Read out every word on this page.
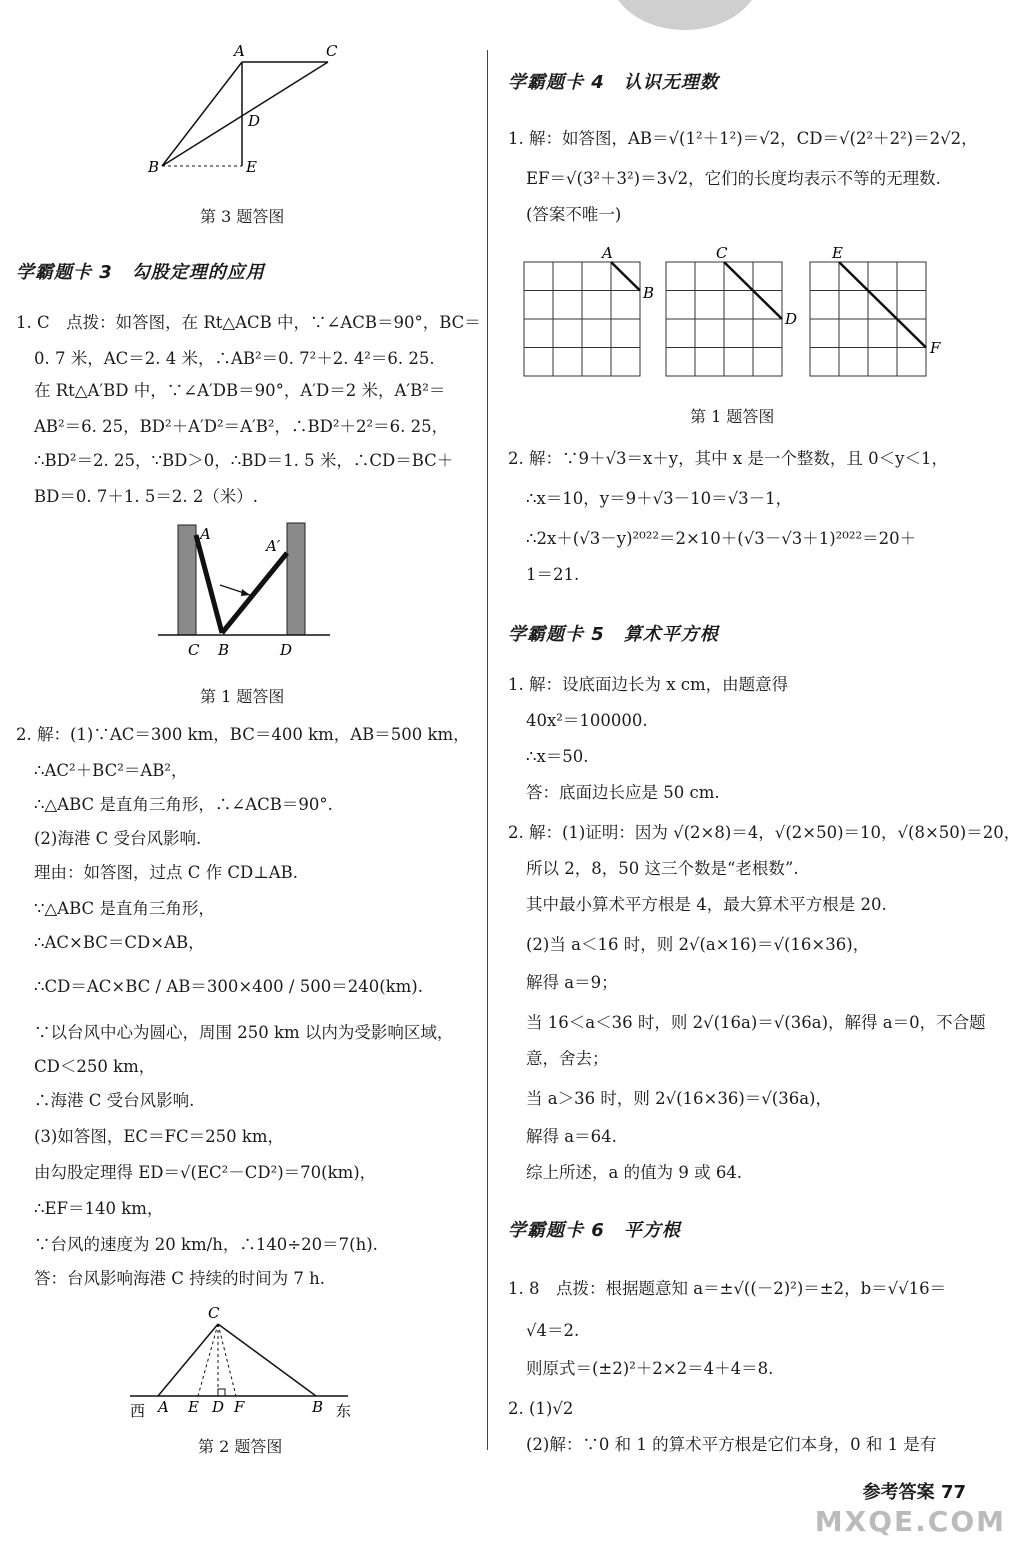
A	C
D
B	E
第 3 题答图
学霸题卡 3　勾股定理的应用
1. C　点拨：如答图，在 Rt△ACB 中，∵∠ACB＝90°，BC＝
0. 7 米，AC＝2. 4 米，∴AB²＝0. 7²＋2. 4²＝6. 25.
在 Rt△A′BD 中，∵∠A′DB＝90°，A′D＝2 米，A′B²＝
AB²＝6. 25，BD²＋A′D²＝A′B²，∴BD²＋2²＝6. 25，
∴BD²＝2. 25，∵BD＞0，∴BD＝1. 5 米，∴CD＝BC＋
BD＝0. 7＋1. 5＝2. 2（米）.
A
A′
C B	D
第 1 题答图
2. 解：(1)∵AC＝300 km，BC＝400 km，AB＝500 km，
∴AC²＋BC²＝AB²，
∴△ABC 是直角三角形，∴∠ACB＝90°.
(2)海港 C 受台风影响.
理由：如答图，过点 C 作 CD⊥AB.
∵△ABC 是直角三角形，
∴AC×BC＝CD×AB，
∴CD＝AC×BC / AB＝300×400 / 500＝240(km).
∵以台风中心为圆心，周围 250 km 以内为受影响区域，
CD＜250 km，
∴海港 C 受台风影响.
(3)如答图，EC＝FC＝250 km，
由勾股定理得 ED＝√(EC²－CD²)＝70(km)，
∴EF＝140 km，
∵台风的速度为 20 km/h，∴140÷20＝7(h).
答：台风影响海港 C 持续的时间为 7 h.
C
西 A E D F	B 东
第 2 题答图
学霸题卡 4　认识无理数
1. 解：如答图，AB＝√(1²＋1²)＝√2，CD＝√(2²＋2²)＝2√2，
EF＝√(3²＋3²)＝3√2，它们的长度均表示不等的无理数.
(答案不唯一)
A
B
C
D
E
F
第 1 题答图
2. 解：∵9＋√3＝x＋y，其中 x 是一个整数，且 0＜y＜1，
∴x＝10，y＝9＋√3－10＝√3－1，
∴2x＋(√3－y)²⁰²²＝2×10＋(√3－√3＋1)²⁰²²＝20＋
1＝21.
学霸题卡 5　算术平方根
1. 解：设底面边长为 x cm，由题意得
40x²＝100000.
∴x＝50.
答：底面边长应是 50 cm.
2. 解：(1)证明：因为 √(2×8)＝4，√(2×50)＝10，√(8×50)＝20，
所以 2，8，50 这三个数是“老根数”.
其中最小算术平方根是 4，最大算术平方根是 20.
(2)当 a＜16 时，则 2√(a×16)＝√(16×36)，
解得 a＝9；
当 16＜a＜36 时，则 2√(16a)＝√(36a)，解得 a＝0，不合题
意，舍去；
当 a＞36 时，则 2√(16×36)＝√(36a)，
解得 a＝64.
综上所述，a 的值为 9 或 64.
学霸题卡 6　平方根
1. 8　点拨：根据题意知 a＝±√((－2)²)＝±2，b＝√√16＝
√4＝2.
则原式＝(±2)²＋2×2＝4＋4＝8.
2. (1)√2
(2)解：∵0 和 1 的算术平方根是它们本身，0 和 1 是有
参考答案 77
MXQE.COM
